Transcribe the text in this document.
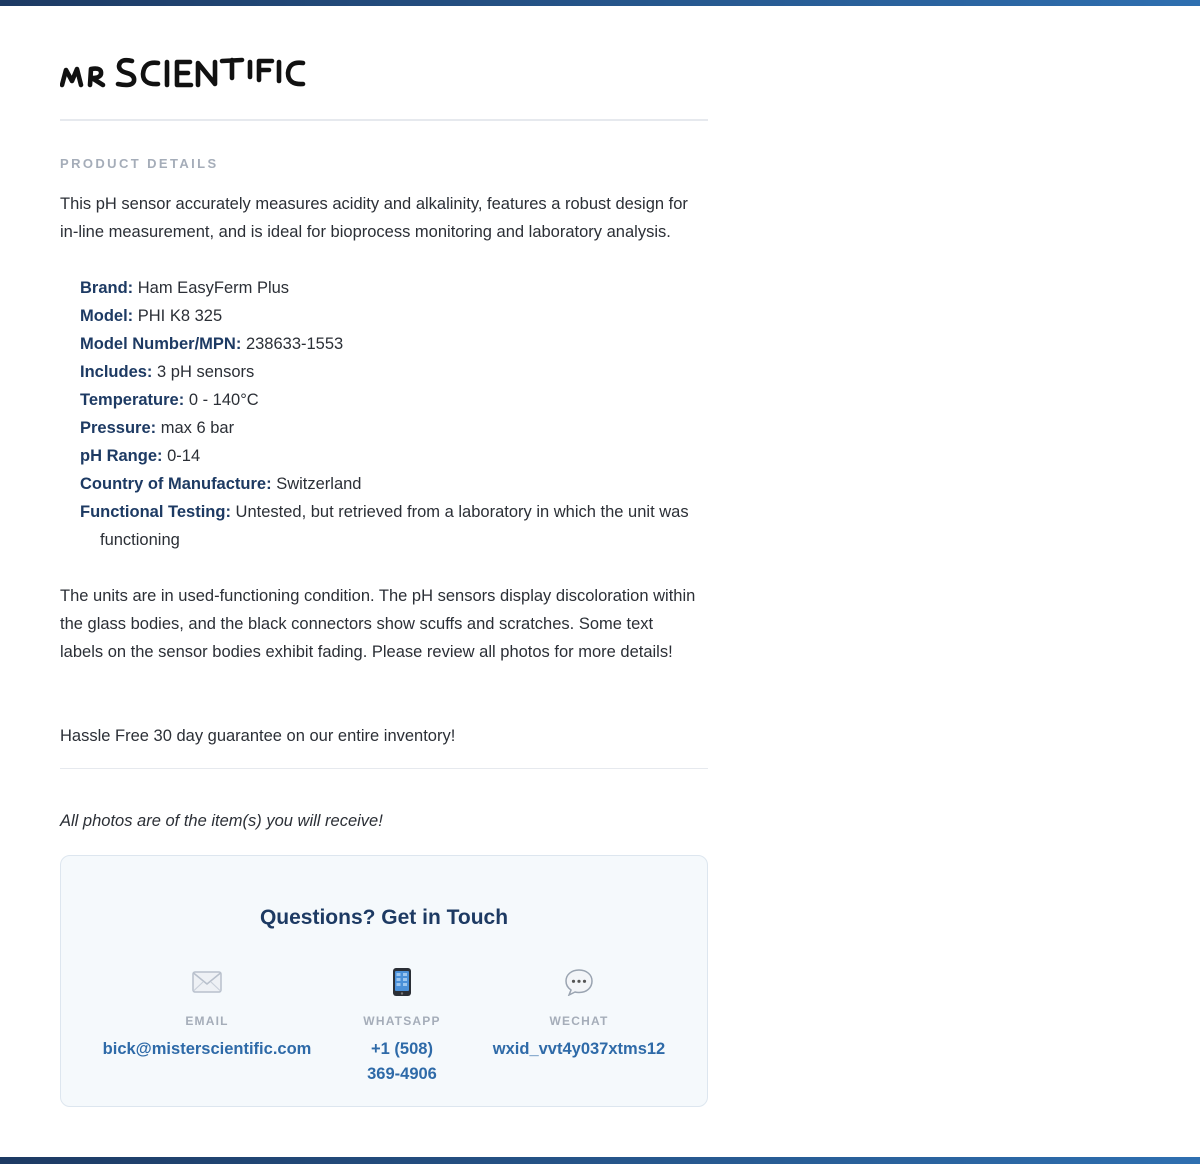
PRODUCT DETAILS

This pH sensor accurately measures acidity and alkalinity, features a robust design for in-line measurement, and is ideal for bioprocess monitoring and laboratory analysis.

Brand: Ham EasyFerm Plus
Model: PHI K8 325
Model Number/MPN: 238633-1553
Includes: 3 pH sensors
Temperature: 0 - 140°C
Pressure: max 6 bar
pH Range: 0-14
Country of Manufacture: Switzerland
Functional Testing: Untested, but retrieved from a laboratory in which the unit was functioning

The units are in used-functioning condition. The pH sensors display discoloration within the glass bodies, and the black connectors show scuffs and scratches. Some text labels on the sensor bodies exhibit fading. Please review all photos for more details!

Hassle Free 30 day guarantee on our entire inventory!

All photos are of the item(s) you will receive!

Questions? Get in Touch
EMAIL
bick@misterscientific.com
WHATSAPP
+1 (508) 369-4906
WECHAT
wxid_vvt4y037xtms12
